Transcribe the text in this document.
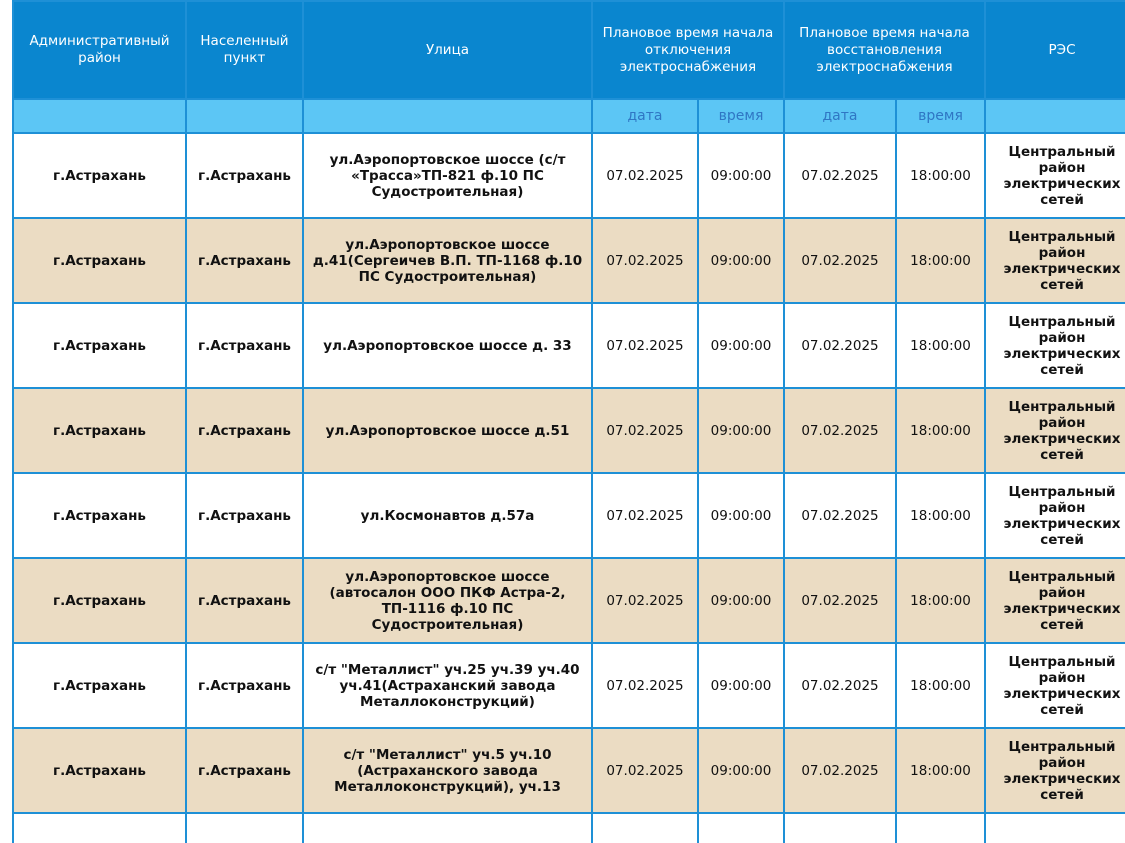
Административный район	Населенный пункт	Улица	Плановое время начала отключения электроснабжения		Плановое время начала восстановления электроснабжения		РЭС
			дата	время	дата	время	
г.Астрахань	г.Астрахань	ул.Аэропортовское шоссе (с/т «Трасса»ТП-821 ф.10 ПС Судостроительная)	07.02.2025	09:00:00	07.02.2025	18:00:00	Центральный район электрических сетей
г.Астрахань	г.Астрахань	ул.Аэропортовское шоссе д.41(Сергеичев В.П. ТП-1168 ф.10 ПС Судостроительная)	07.02.2025	09:00:00	07.02.2025	18:00:00	Центральный район электрических сетей
г.Астрахань	г.Астрахань	ул.Аэропортовское шоссе д. 33	07.02.2025	09:00:00	07.02.2025	18:00:00	Центральный район электрических сетей
г.Астрахань	г.Астрахань	ул.Аэропортовское шоссе д.51	07.02.2025	09:00:00	07.02.2025	18:00:00	Центральный район электрических сетей
г.Астрахань	г.Астрахань	ул.Космонавтов д.57а	07.02.2025	09:00:00	07.02.2025	18:00:00	Центральный район электрических сетей
г.Астрахань	г.Астрахань	ул.Аэропортовское шоссе (автосалон ООО ПКФ Астра-2, ТП-1116 ф.10 ПС Судостроительная)	07.02.2025	09:00:00	07.02.2025	18:00:00	Центральный район электрических сетей
г.Астрахань	г.Астрахань	с/т "Металлист" уч.25 уч.39 уч.40 уч.41(Астраханский завода Металлоконструкций)	07.02.2025	09:00:00	07.02.2025	18:00:00	Центральный район электрических сетей
г.Астрахань	г.Астрахань	с/т "Металлист" уч.5 уч.10 (Астраханского завода Металлоконструкций), уч.13	07.02.2025	09:00:00	07.02.2025	18:00:00	Центральный район электрических сетей
